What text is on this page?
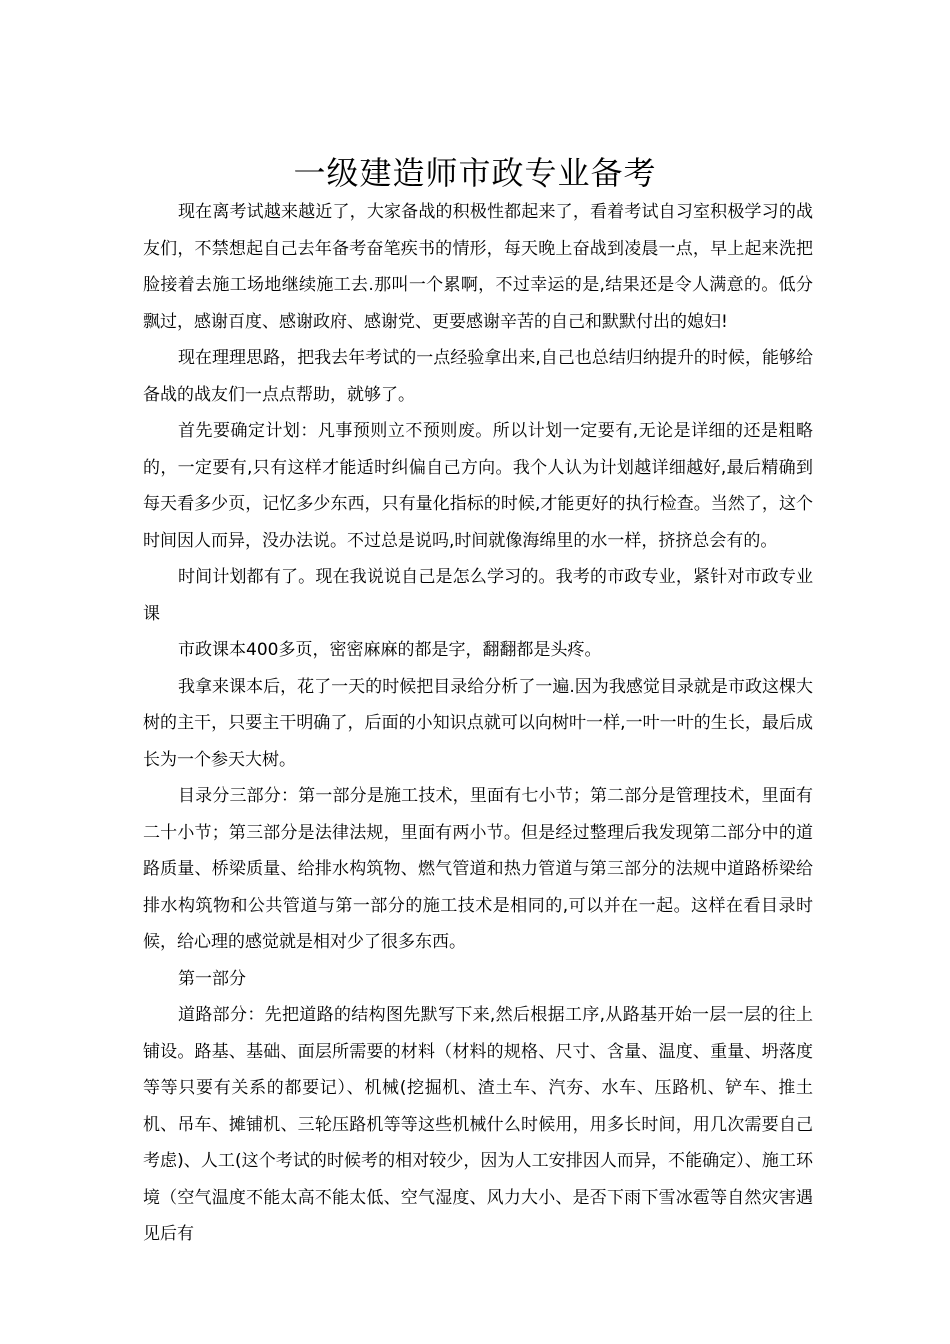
一级建造师市政专业备考

现在离考试越来越近了，大家备战的积极性都起来了，看着考试自习室积极学习的战友们，不禁想起自己去年备考奋笔疾书的情形，每天晚上奋战到凌晨一点，早上起来洗把脸接着去施工场地继续施工去.那叫一个累啊，不过幸运的是,结果还是令人满意的。低分飘过，感谢百度、感谢政府、感谢党、更要感谢辛苦的自己和默默付出的媳妇!

现在理理思路，把我去年考试的一点经验拿出来,自己也总结归纳提升的时候，能够给备战的战友们一点点帮助，就够了。

首先要确定计划：凡事预则立不预则废。所以计划一定要有,无论是详细的还是粗略的，一定要有,只有这样才能适时纠偏自己方向。我个人认为计划越详细越好,最后精确到每天看多少页，记忆多少东西，只有量化指标的时候,才能更好的执行检查。当然了，这个时间因人而异，没办法说。不过总是说吗,时间就像海绵里的水一样，挤挤总会有的。

时间计划都有了。现在我说说自己是怎么学习的。我考的市政专业，紧针对市政专业课

市政课本400多页，密密麻麻的都是字，翻翻都是头疼。

我拿来课本后，花了一天的时候把目录给分析了一遍.因为我感觉目录就是市政这棵大树的主干，只要主干明确了，后面的小知识点就可以向树叶一样,一叶一叶的生长，最后成长为一个参天大树。

目录分三部分：第一部分是施工技术，里面有七小节；第二部分是管理技术，里面有二十小节；第三部分是法律法规，里面有两小节。但是经过整理后我发现第二部分中的道路质量、桥梁质量、给排水构筑物、燃气管道和热力管道与第三部分的法规中道路桥梁给排水构筑物和公共管道与第一部分的施工技术是相同的,可以并在一起。这样在看目录时候，给心理的感觉就是相对少了很多东西。

第一部分

道路部分：先把道路的结构图先默写下来,然后根据工序,从路基开始一层一层的往上铺设。路基、基础、面层所需要的材料（材料的规格、尺寸、含量、温度、重量、坍落度等等只要有关系的都要记）、机械(挖掘机、渣土车、汽夯、水车、压路机、铲车、推土机、吊车、摊铺机、三轮压路机等等这些机械什么时候用，用多长时间，用几次需要自己考虑)、人工(这个考试的时候考的相对较少，因为人工安排因人而异，不能确定）、施工环境（空气温度不能太高不能太低、空气湿度、风力大小、是否下雨下雪冰雹等自然灾害遇见后有
